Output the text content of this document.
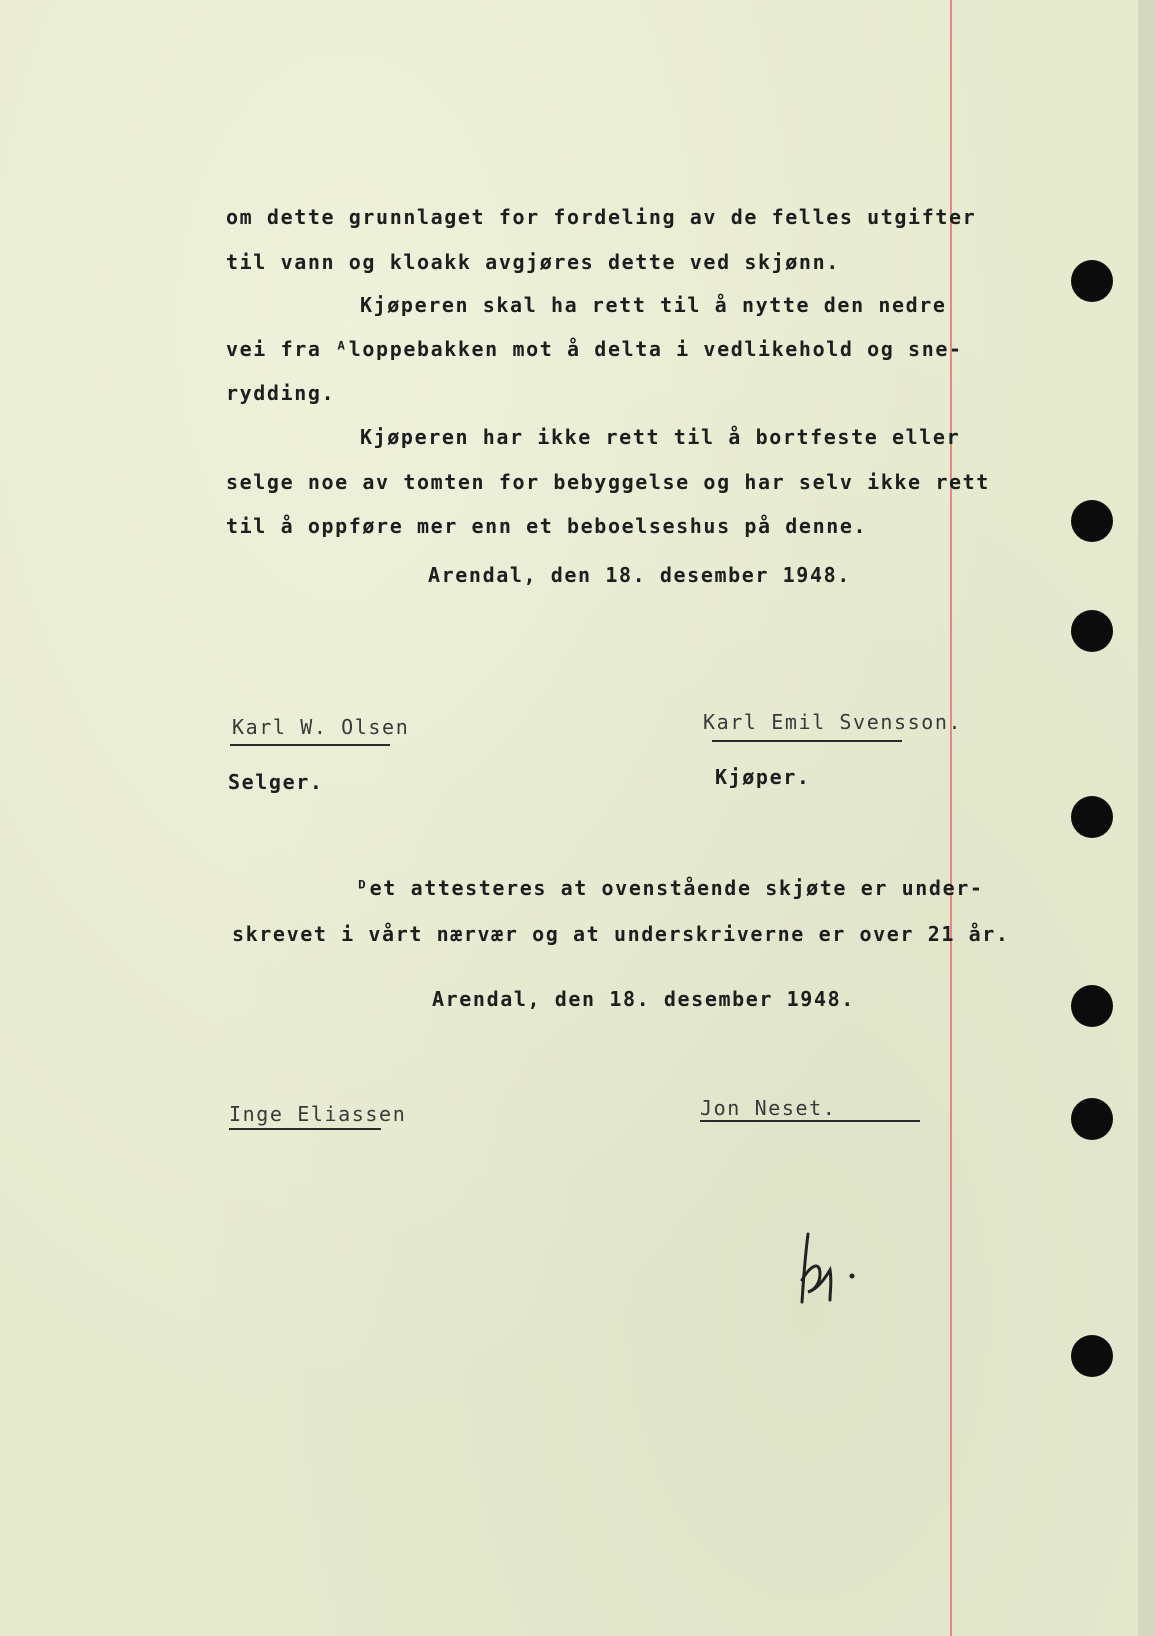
om dette grunnlaget for fordeling av de felles utgifter
til vann og kloakk avgjøres dette ved skjønn.
Kjøperen skal ha rett til å nytte den nedre
vei fra ᴬloppebakken mot å delta i vedlikehold og sne-
rydding.
Kjøperen har ikke rett til å bortfeste eller
selge noe av tomten for bebyggelse og har selv ikke rett
til å oppføre mer enn et beboelseshus på denne.
Arendal, den 18. desember 1948.
Karl W. Olsen
Selger.
Karl Emil Svensson.
Kjøper.
ᴰet attesteres at ovenstående skjøte er under-
skrevet i vårt nærvær og at underskriverne er over 21 år.
Arendal, den 18. desember 1948.
Inge Eliassen	Jon Neset.
